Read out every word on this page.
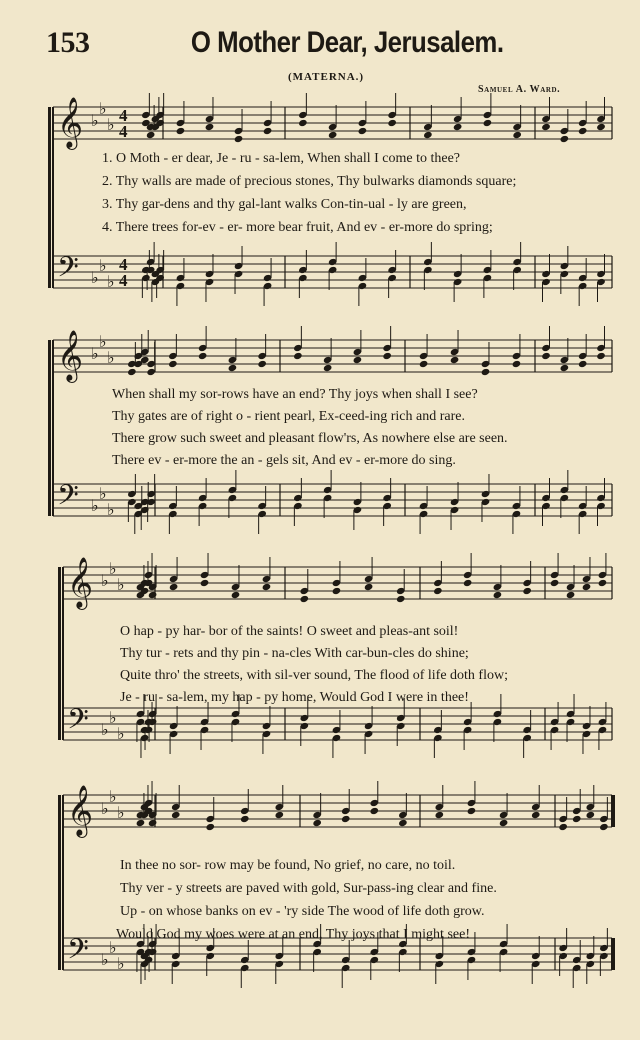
153	O Mother Dear, Jerusalem.
(MATERNA.)
Samuel A. Ward.
𝄞
𝄢
♭
♭
♭
♭
♭
♭
4
4
4
4
𝄞
𝄢
♭
♭
♭
♭
♭
♭
𝄞
𝄢
♭
♭
♭
♭
♭
♭
𝄞
𝄢
♭
♭
♭
♭
♭
♭
1. O Moth - er dear, Je - ru - sa-lem, When shall I come to thee?
2. Thy walls are made of precious stones, Thy bulwarks diamonds square;
3. Thy gar-dens and thy gal-lant walks Con-tin-ual - ly are green,
4. There trees for-ev - er- more bear fruit, And ev - er-more do spring;
When shall my sor-rows have an end? Thy joys when shall I see?
Thy gates are of right o - rient pearl, Ex-ceed-ing rich and rare.
There grow such sweet and pleasant flow'rs, As nowhere else are seen.
There ev - er-more the an - gels sit, And ev - er-more do sing.
O hap - py har- bor of the saints! O sweet and pleas-ant soil!
Thy tur - rets and thy pin - na-cles With car-bun-cles do shine;
Quite thro' the streets, with sil-ver sound, The flood of life doth flow;
Je - ru - sa-lem, my hap - py home, Would God I were in thee!
In thee no sor- row may be found, No grief, no care, no toil.
Thy ver - y streets are paved with gold, Sur-pass-ing clear and fine.
Up - on whose banks on ev - 'ry side The wood of life doth grow.
Would God my woes were at an end, Thy joys that I might see!
